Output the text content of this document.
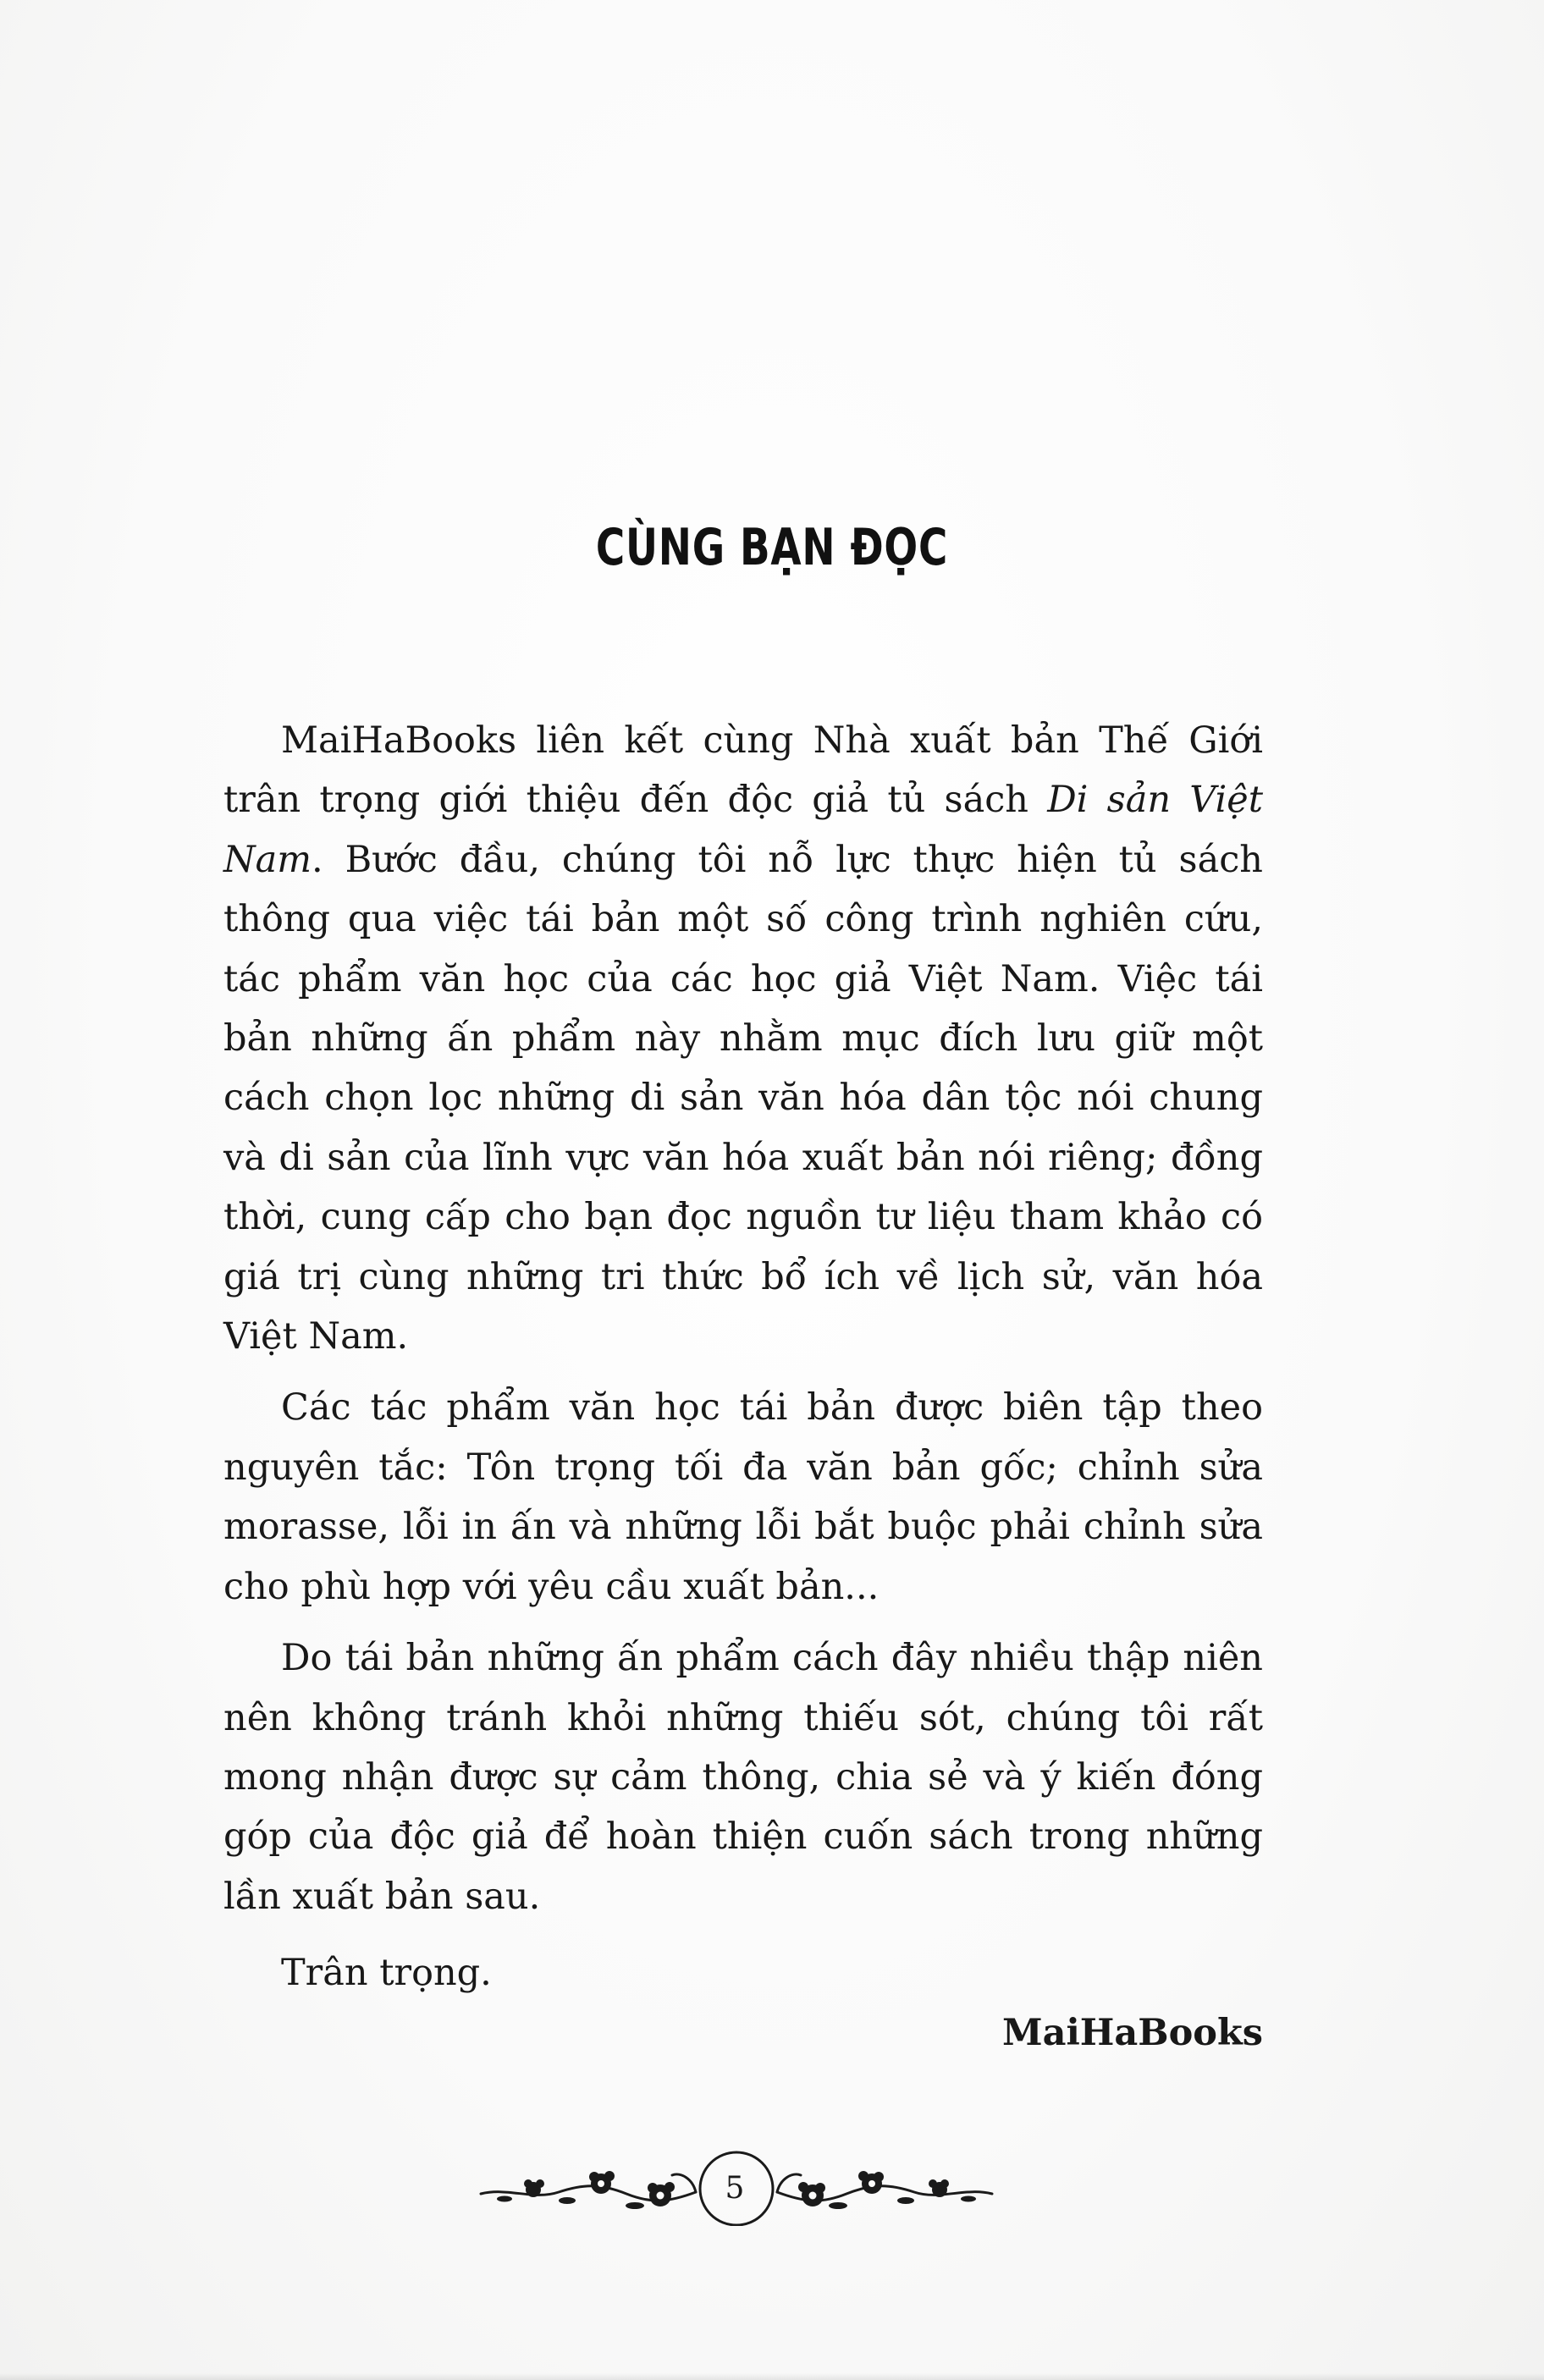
CÙNG BẠN ĐỌC

MaiHaBooks liên kết cùng Nhà xuất bản Thế Giới trân trọng giới thiệu đến độc giả tủ sách Di sản Việt Nam. Bước đầu, chúng tôi nỗ lực thực hiện tủ sách thông qua việc tái bản một số công trình nghiên cứu, tác phẩm văn học của các học giả Việt Nam. Việc tái bản những ấn phẩm này nhằm mục đích lưu giữ một cách chọn lọc những di sản văn hóa dân tộc nói chung và di sản của lĩnh vực văn hóa xuất bản nói riêng; đồng thời, cung cấp cho bạn đọc nguồn tư liệu tham khảo có giá trị cùng những tri thức bổ ích về lịch sử, văn hóa Việt Nam.

Các tác phẩm văn học tái bản được biên tập theo nguyên tắc: Tôn trọng tối đa văn bản gốc; chỉnh sửa morasse, lỗi in ấn và những lỗi bắt buộc phải chỉnh sửa cho phù hợp với yêu cầu xuất bản...

Do tái bản những ấn phẩm cách đây nhiều thập niên nên không tránh khỏi những thiếu sót, chúng tôi rất mong nhận được sự cảm thông, chia sẻ và ý kiến đóng góp của độc giả để hoàn thiện cuốn sách trong những lần xuất bản sau.

Trân trọng.

MaiHaBooks

5
